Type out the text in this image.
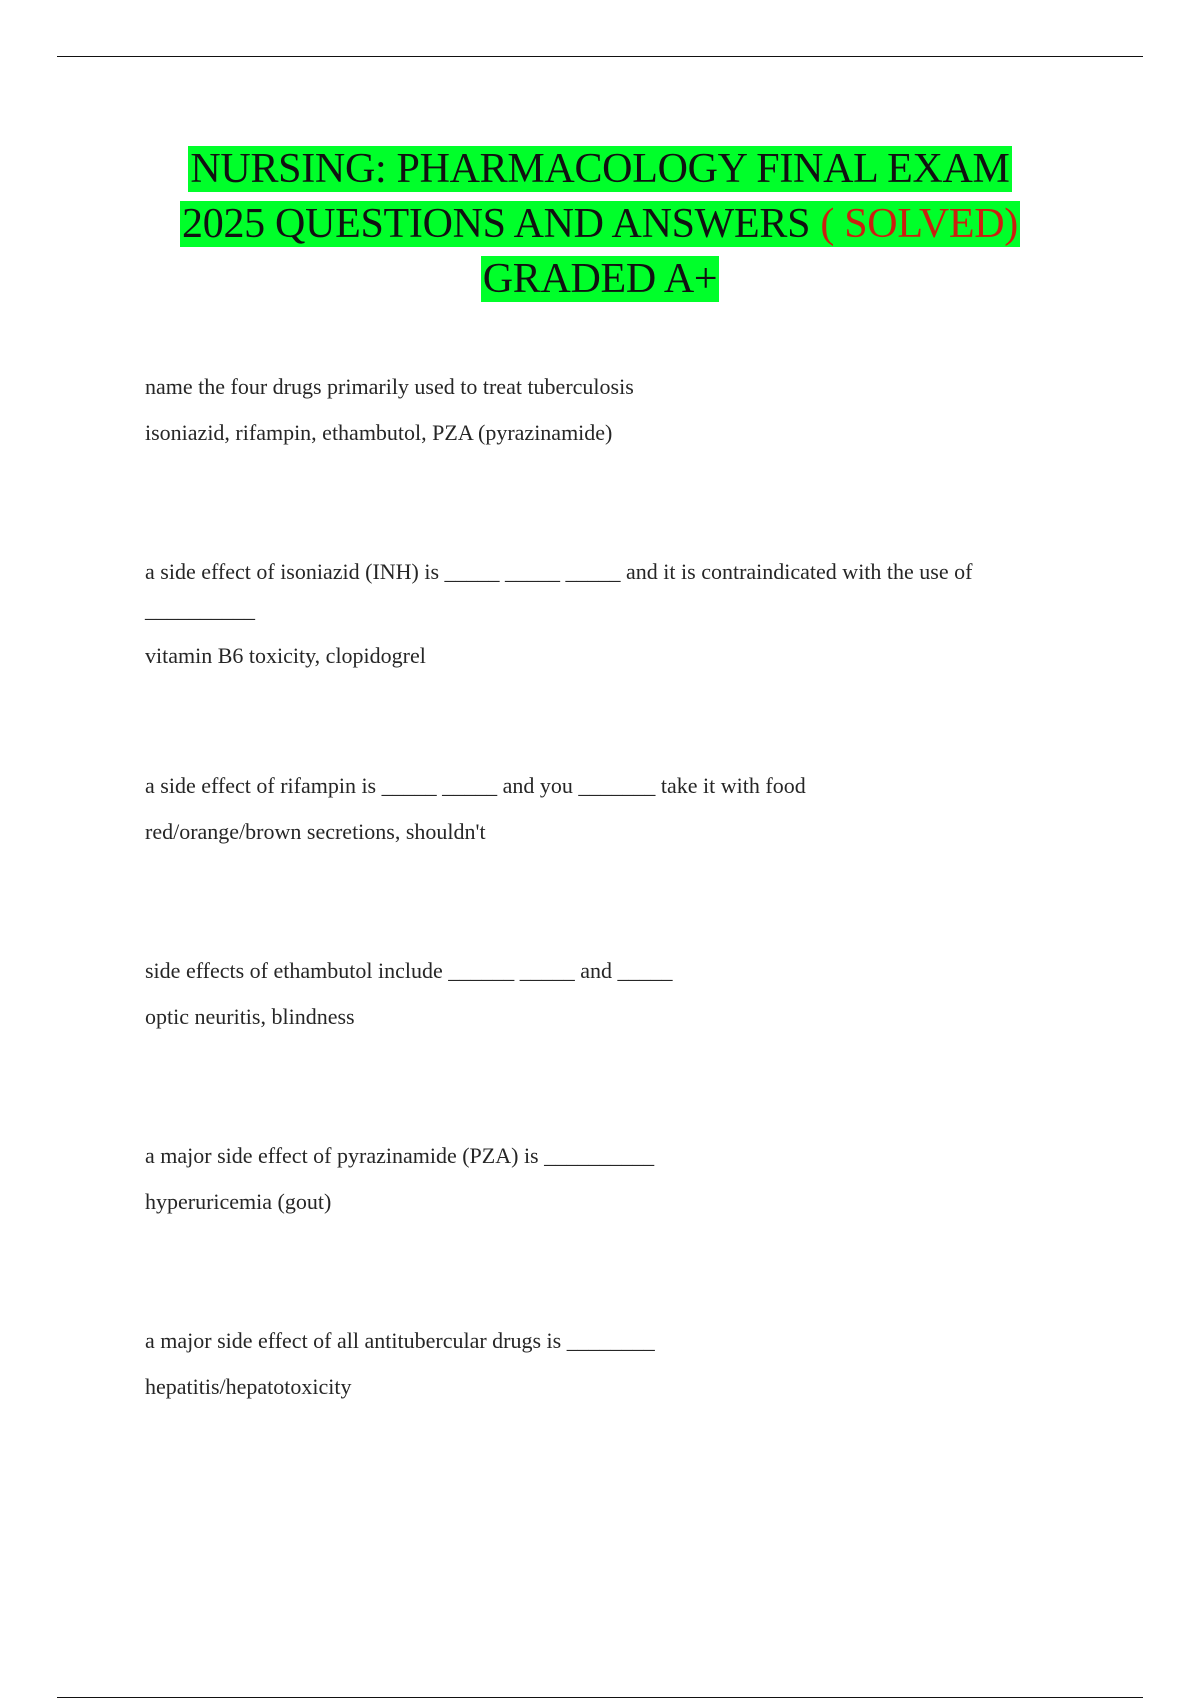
NURSING: PHARMACOLOGY FINAL EXAM
2025 QUESTIONS AND ANSWERS ( SOLVED)
GRADED A+

name the four drugs primarily used to treat tuberculosis

isoniazid, rifampin, ethambutol, PZA (pyrazinamide)

a side effect of isoniazid (INH) is _____ _____ _____ and it is contraindicated with the use of __________

vitamin B6 toxicity, clopidogrel

a side effect of rifampin is _____ _____ and you _______ take it with food

red/orange/brown secretions, shouldn't

side effects of ethambutol include ______ _____ and _____

optic neuritis, blindness

a major side effect of pyrazinamide (PZA) is __________

hyperuricemia (gout)

a major side effect of all antitubercular drugs is ________

hepatitis/hepatotoxicity
